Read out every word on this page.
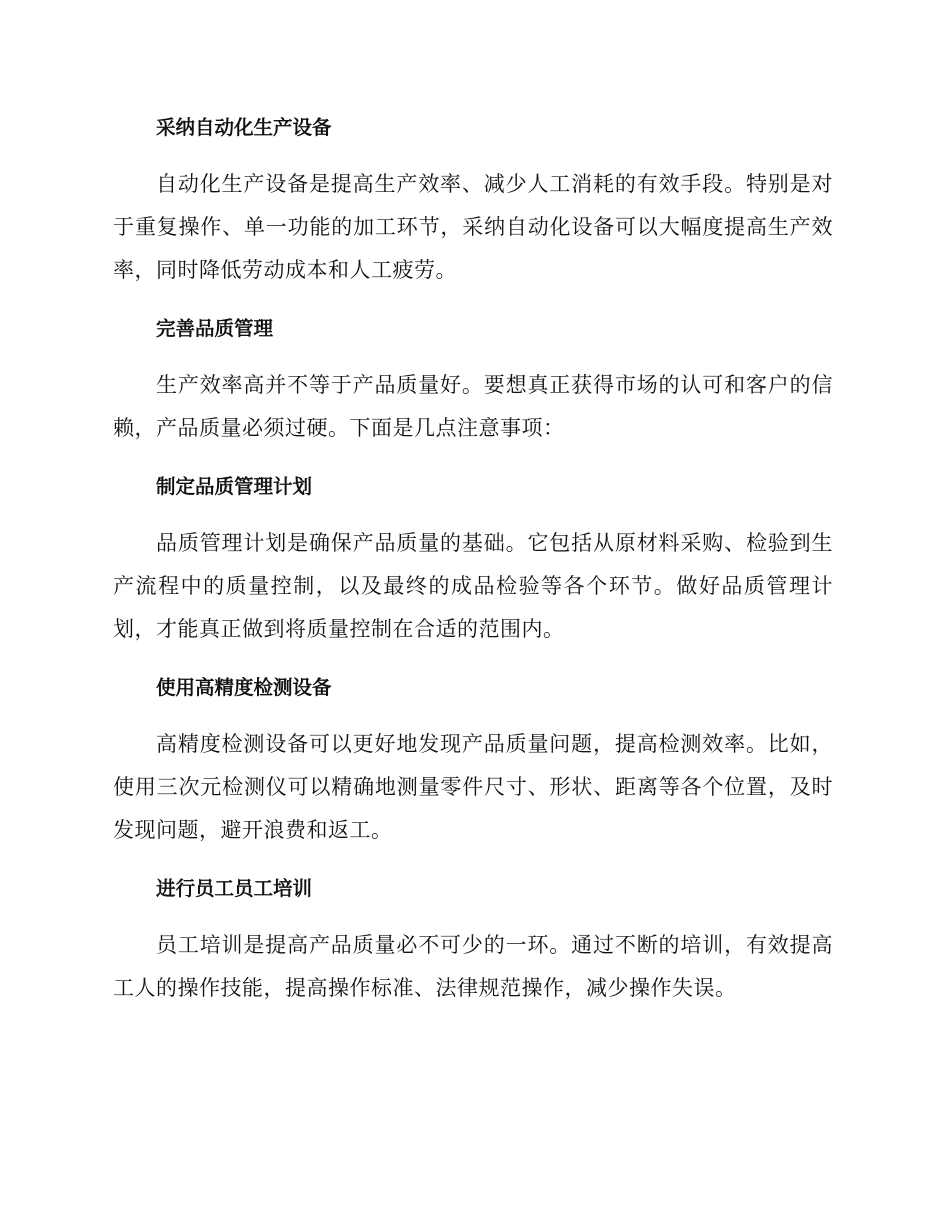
采纳自动化生产设备

自动化生产设备是提高生产效率、减少人工消耗的有效手段。特别是对于重复操作、单一功能的加工环节，采纳自动化设备可以大幅度提高生产效率，同时降低劳动成本和人工疲劳。

完善品质管理

生产效率高并不等于产品质量好。要想真正获得市场的认可和客户的信赖，产品质量必须过硬。下面是几点注意事项：

制定品质管理计划

品质管理计划是确保产品质量的基础。它包括从原材料采购、检验到生产流程中的质量控制，以及最终的成品检验等各个环节。做好品质管理计划，才能真正做到将质量控制在合适的范围内。

使用高精度检测设备

高精度检测设备可以更好地发现产品质量问题，提高检测效率。比如，使用三次元检测仪可以精确地测量零件尺寸、形状、距离等各个位置，及时发现问题，避开浪费和返工。

进行员工员工培训

员工培训是提高产品质量必不可少的一环。通过不断的培训，有效提高工人的操作技能，提高操作标准、法律规范操作，减少操作失误。
